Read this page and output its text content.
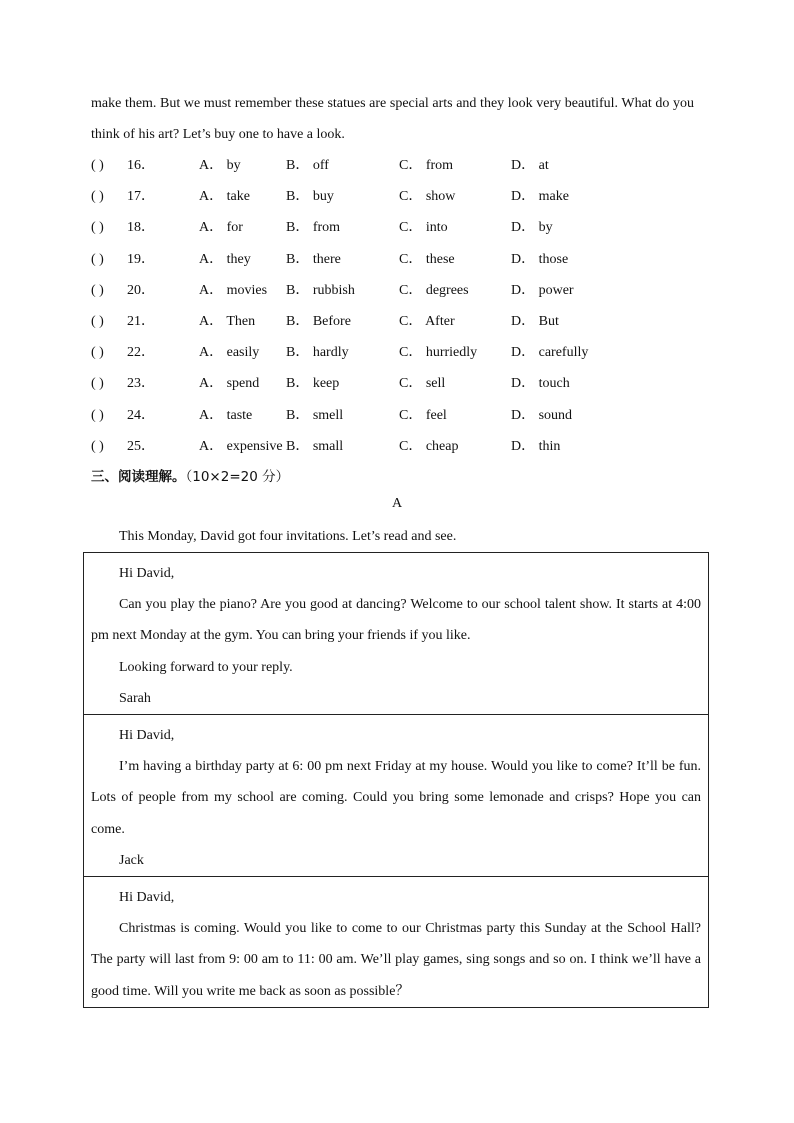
make them. But we must remember these statues are special arts and they look very beautiful. What do you think of his art? Let’s buy one to have a look.

( ) 16．	A． by	B． off	C． from	D． at
( ) 17．	A． take	B． buy	C． show	D． make
( ) 18．	A． for	B． from	C． into	D． by
( ) 19．	A． they	B． there	C． these	D． those
( ) 20．	A． movies B． rubbish	C． degrees	D． power
( ) 21．	A． Then B． Before	C． After	D． But
( ) 22．	A． easily B． hardly	C． hurriedly D． carefully
( ) 23．	A． spend B． keep	C． sell	D． touch
( ) 24．	A． taste B． smell	C． feel	D． sound
( ) 25．	A． expensive B． small	C． cheap	D． thin

三、阅读理解。（10×2=20 分）

A

This Monday, David got four invitations. Let’s read and see.

Hi David,

Can you play the piano? Are you good at dancing? Welcome to our school talent show. It starts at 4:00 pm next Monday at the gym. You can bring your friends if you like.

Looking forward to your reply.

Sarah

Hi David,

I’m having a birthday party at 6: 00 pm next Friday at my house. Would you like to come? It’ll be fun. Lots of people from my school are coming. Could you bring some lemonade and crisps? Hope you can come.

Jack

Hi David,

Christmas is coming. Would you like to come to our Christmas party this Sunday at the School Hall? The party will last from 9: 00 am to 11: 00 am. We’ll play games, sing songs and so on. I think we’ll have a good time. Will you write me back as soon as possible？
